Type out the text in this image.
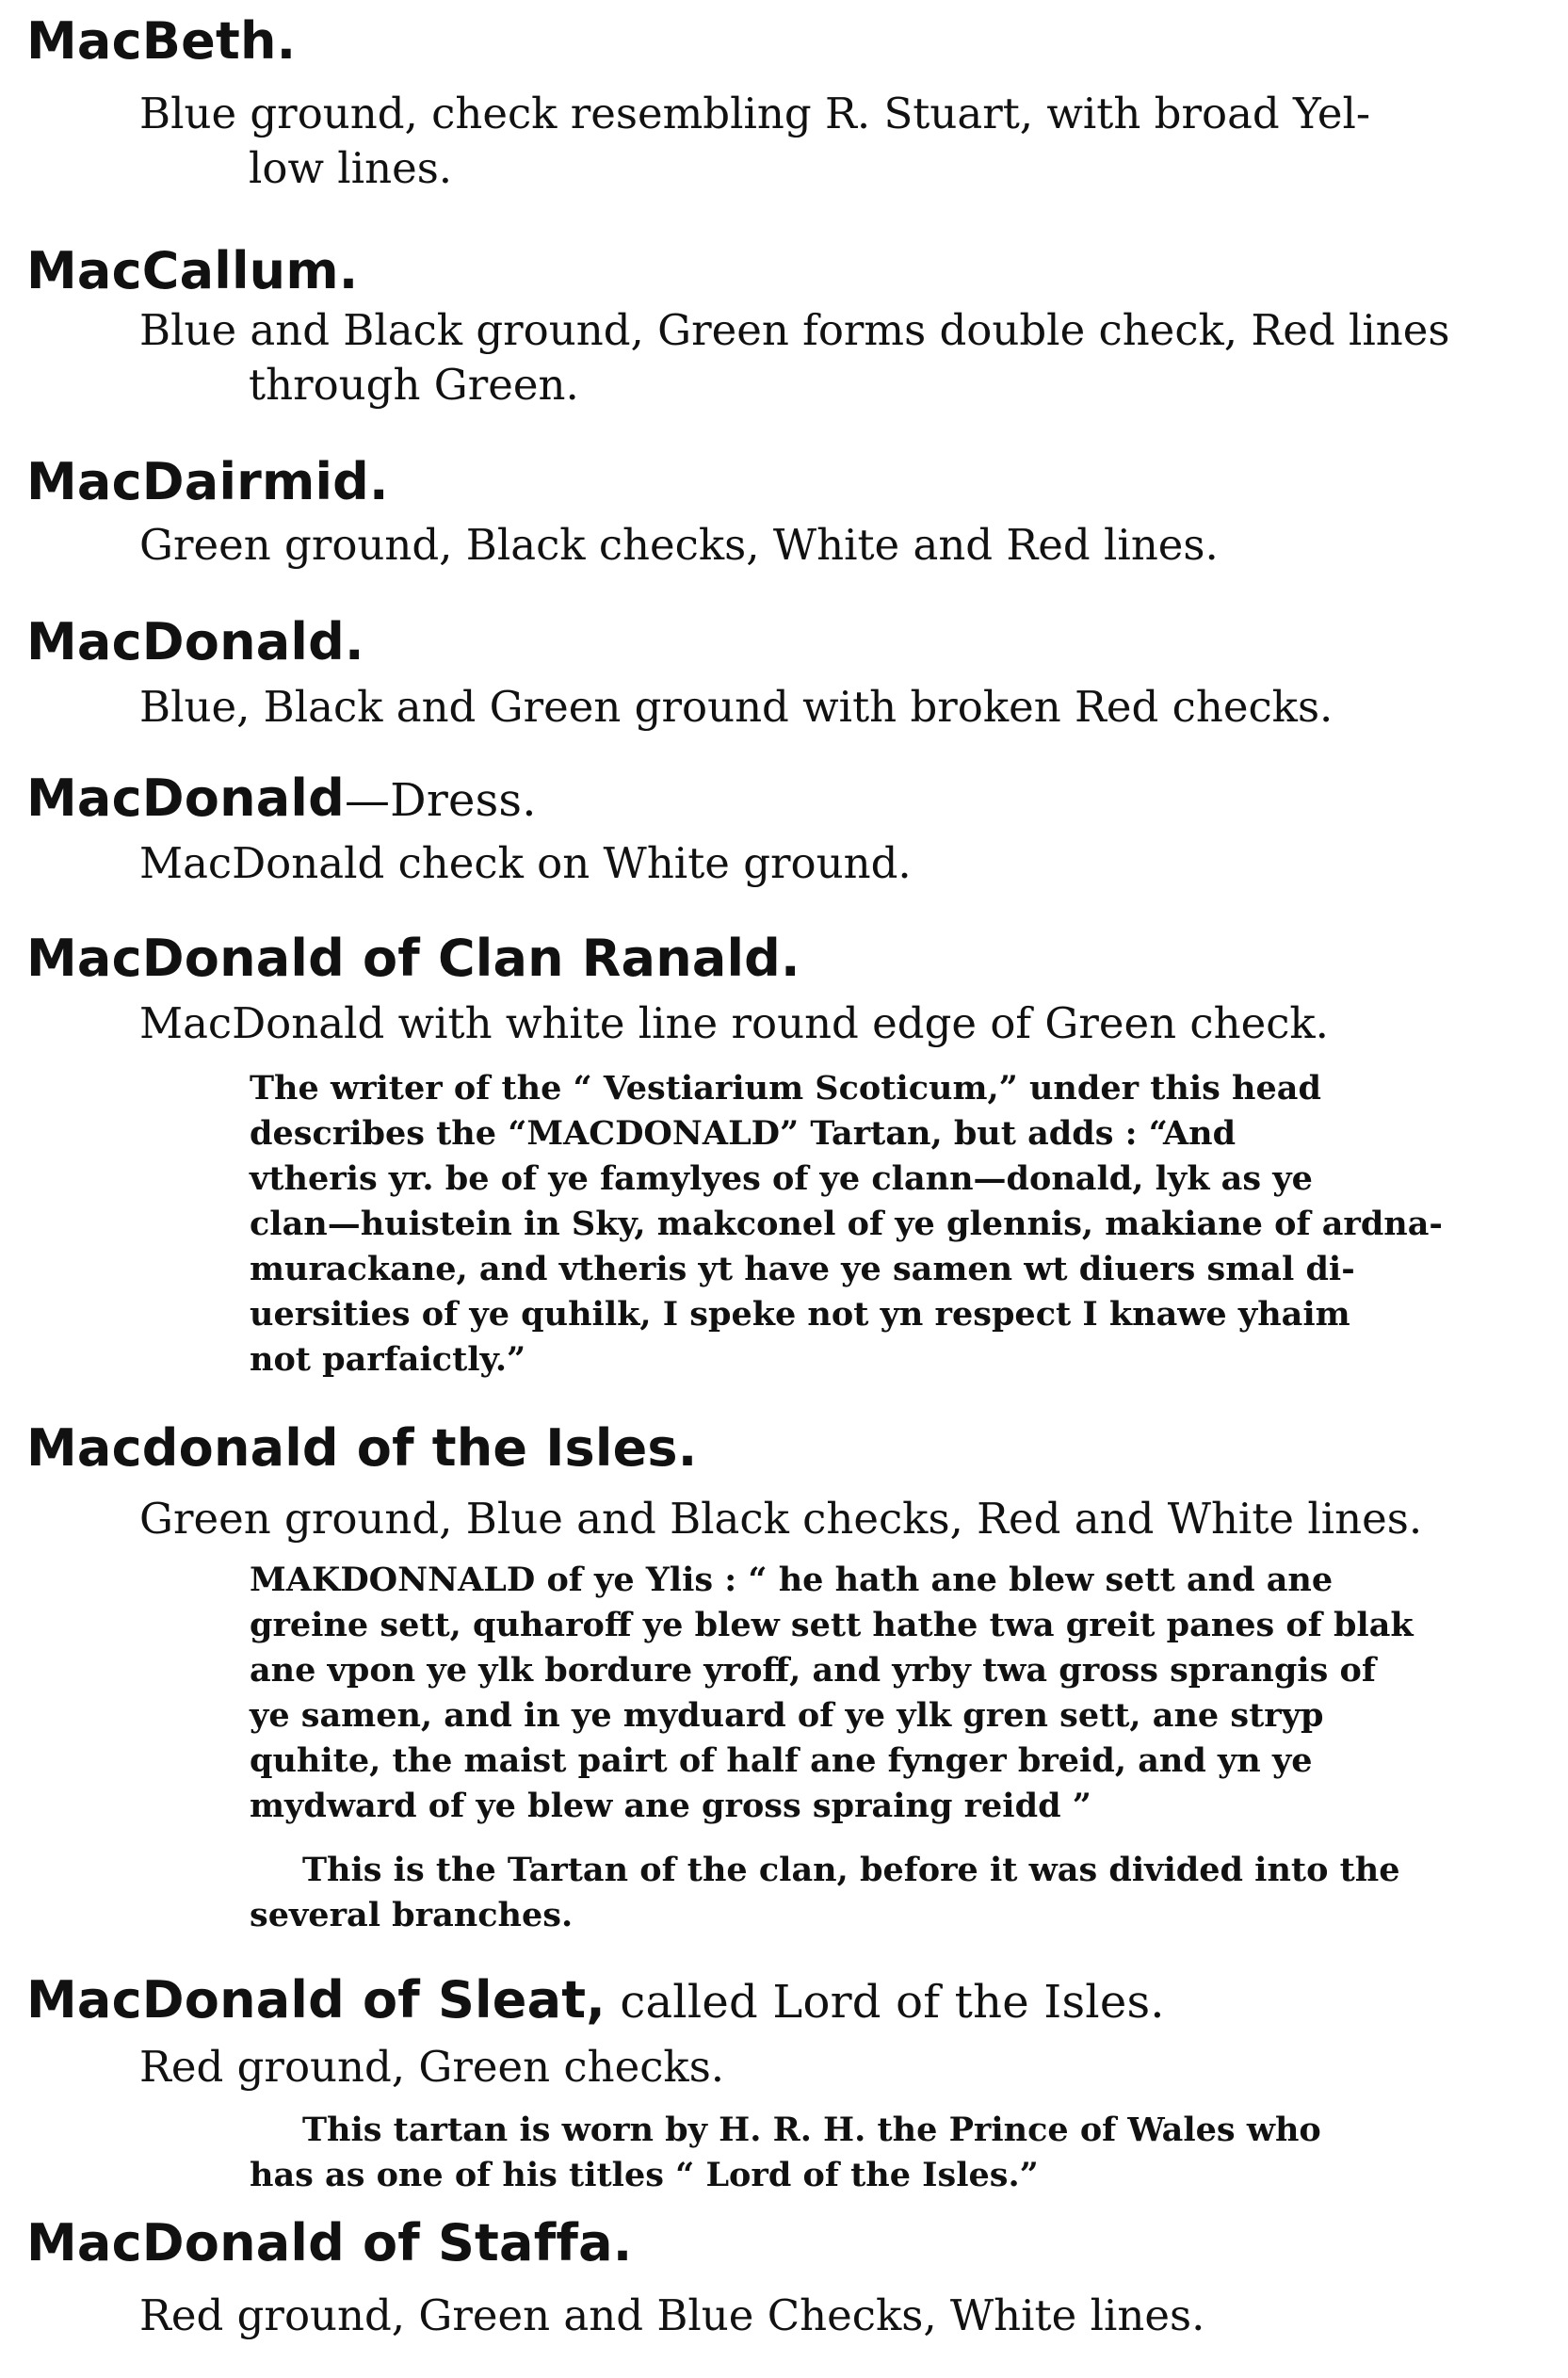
MacBeth.

Blue ground, check resembling R. Stuart, with broad Yel-
low lines.

MacCallum.

Blue and Black ground, Green forms double check, Red lines
through Green.

MacDairmid.

Green ground, Black checks, White and Red lines.

MacDonald.

Blue, Black and Green ground with broken Red checks.

MacDonald—Dress.

MacDonald check on White ground.

MacDonald of Clan Ranald.

MacDonald with white line round edge of Green check.

The writer of the “ Vestiarium Scoticum,” under this head
describes the “MACDONALD” Tartan, but adds : “And
vtheris yr. be of ye famylyes of ye clann—donald, lyk as ye
clan—huistein in Sky, makconel of ye glennis, makiane of ardna-
murackane, and vtheris yt have ye samen wt diuers smal di-
uersities of ye quhilk, I speke not yn respect I knawe yhaim
not parfaictly.”
Macdonald of the Isles.

Green ground, Blue and Black checks, Red and White lines.

MAKDONNALD of ye Ylis : “ he hath ane blew sett and ane
greine sett, quharoff ye blew sett hathe twa greit panes of blak
ane vpon ye ylk bordure yroff, and yrby twa gross sprangis of
ye samen, and in ye myduard of ye ylk gren sett, ane stryp
quhite, the maist pairt of half ane fynger breid, and yn ye
mydward of ye blew ane gross spraing reidd ”
This is the Tartan of the clan, before it was divided into the
several branches.
MacDonald of Sleat, called Lord of the Isles.

Red ground, Green checks.

This tartan is worn by H. R. H. the Prince of Wales who
has as one of his titles “ Lord of the Isles.”
MacDonald of Staffa.

Red ground, Green and Blue Checks, White lines.
